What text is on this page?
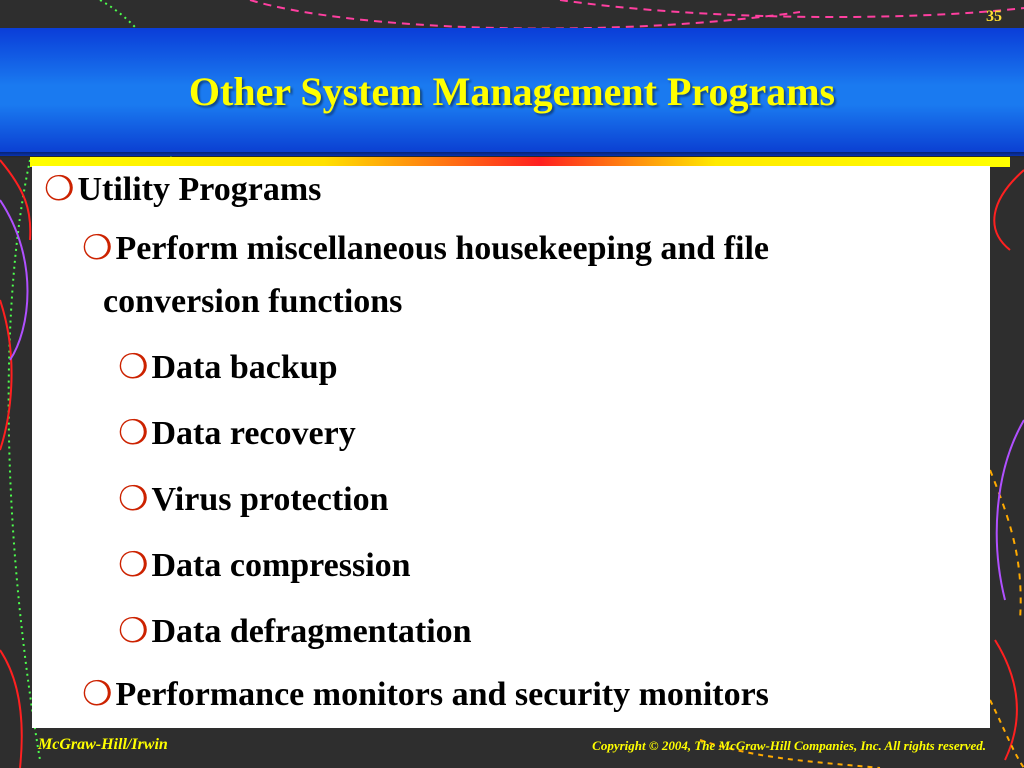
35
Other System Management Programs
❍Utility Programs
❍Perform miscellaneous housekeeping and file
conversion functions
❍Data backup
❍Data recovery
❍Virus protection
❍Data compression
❍Data defragmentation
❍Performance monitors and security monitors
McGraw-Hill/Irwin	Copyright © 2004, The McGraw-Hill Companies, Inc. All rights reserved.
